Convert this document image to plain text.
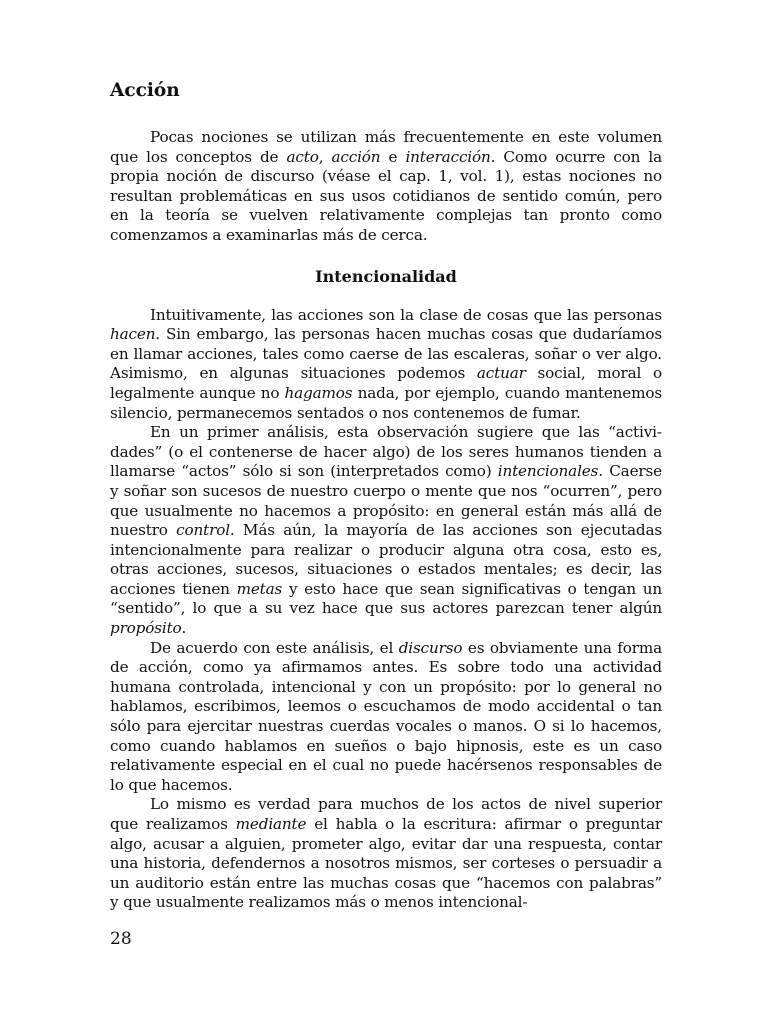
Acción

Pocas nociones se utilizan más frecuentemente en este volumen que los conceptos de acto, acción e interacción. Como ocurre con la propia noción de discurso (véase el cap. 1, vol. 1), estas nociones no resultan problemáticas en sus usos cotidianos de sentido común, pero en la teoría se vuelven relativamente complejas tan pronto como comenzamos a examinarlas más de cerca.

Intencionalidad

Intuitivamente, las acciones son la clase de cosas que las personas hacen. Sin embargo, las personas hacen muchas cosas que dudaríamos en llamar acciones, tales como caerse de las escaleras, soñar o ver algo. Asimismo, en algunas situaciones podemos actuar social, moral o legalmente aunque no hagamos nada, por ejemplo, cuando mantenemos silencio, permanecemos sentados o nos contenemos de fumar.

En un primer análisis, esta observación sugiere que las “actividades” (o el contenerse de hacer algo) de los seres humanos tienden a llamarse “actos” sólo si son (interpretados como) intencionales. Caerse y soñar son sucesos de nuestro cuerpo o mente que nos “ocurren”, pero que usualmente no hacemos a propósito: en general están más allá de nuestro control. Más aún, la mayoría de las acciones son ejecutadas intencionalmente para realizar o producir alguna otra cosa, esto es, otras acciones, sucesos, situaciones o estados mentales; es decir, las acciones tienen metas y esto hace que sean significativas o tengan un “sentido”, lo que a su vez hace que sus actores parezcan tener algún propósito.

De acuerdo con este análisis, el discurso es obviamente una forma de acción, como ya afirmamos antes. Es sobre todo una actividad humana controlada, intencional y con un propósito: por lo general no hablamos, escribimos, leemos o escuchamos de modo accidental o tan sólo para ejercitar nuestras cuerdas vocales o manos. O si lo hacemos, como cuando hablamos en sueños o bajo hipnosis, este es un caso relativamente especial en el cual no puede hacérsenos responsables de lo que hacemos.

Lo mismo es verdad para muchos de los actos de nivel superior que realizamos mediante el habla o la escritura: afirmar o preguntar algo, acusar a alguien, prometer algo, evitar dar una respuesta, contar una historia, defendernos a nosotros mismos, ser corteses o persuadir a un auditorio están entre las muchas cosas que “hacemos con palabras” y que usualmente realizamos más o menos intencional-

28
